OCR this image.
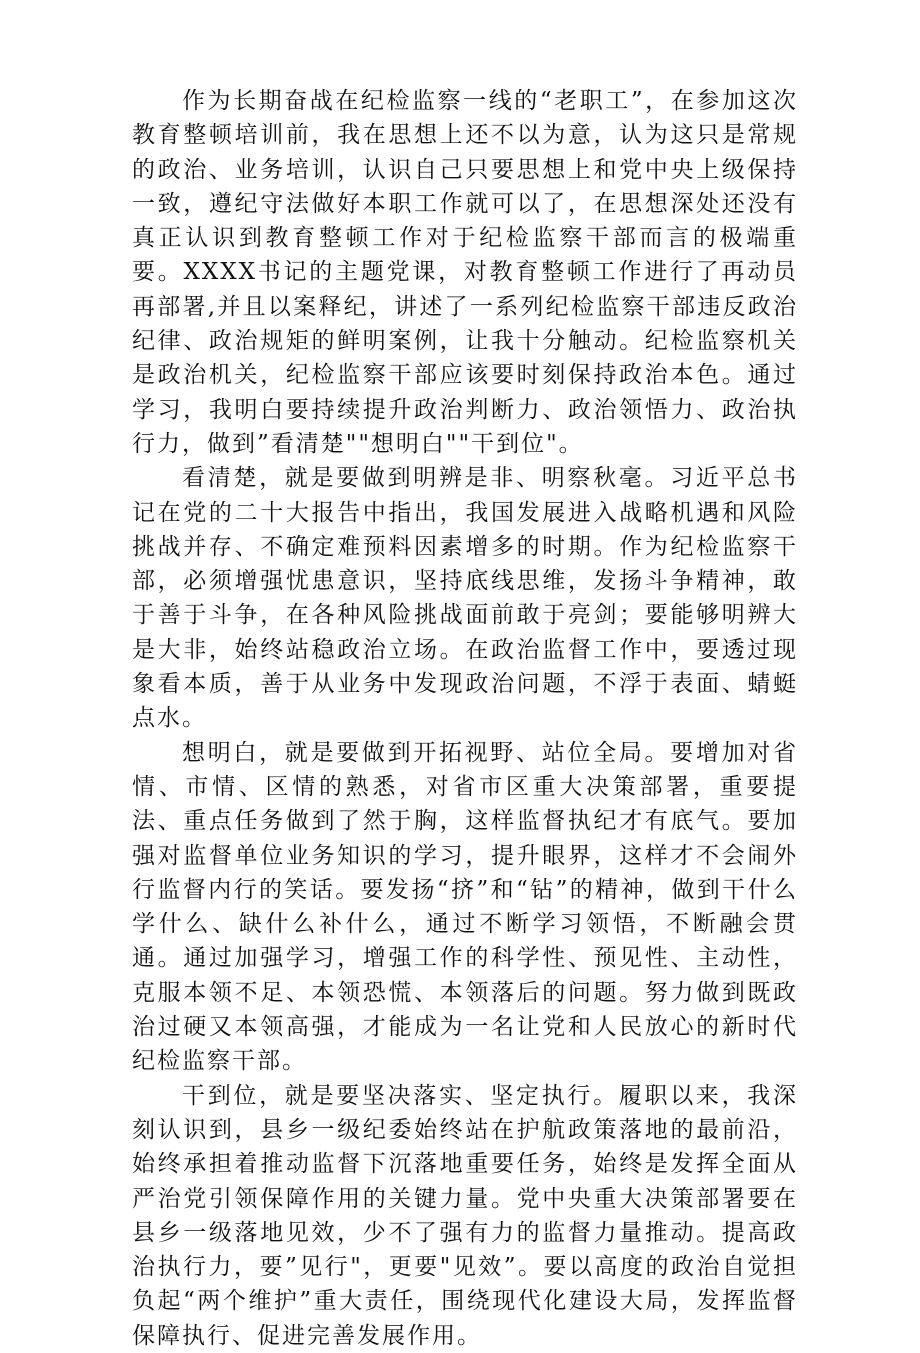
作为长期奋战在纪检监察一线的“老职工”，在参加这次教育整顿培训前，我在思想上还不以为意，认为这只是常规的政治、业务培训，认识自己只要思想上和党中央上级保持一致，遵纪守法做好本职工作就可以了，在思想深处还没有真正认识到教育整顿工作对于纪检监察干部而言的极端重要。XXXX书记的主题党课，对教育整顿工作进行了再动员再部署,并且以案释纪，讲述了一系列纪检监察干部违反政治纪律、政治规矩的鲜明案例，让我十分触动。纪检监察机关是政治机关，纪检监察干部应该要时刻保持政治本色。通过学习，我明白要持续提升政治判断力、政治领悟力、政治执行力，做到”看清楚""想明白""干到位"。

看清楚，就是要做到明辨是非、明察秋毫。习近平总书记在党的二十大报告中指出，我国发展进入战略机遇和风险挑战并存、不确定难预料因素增多的时期。作为纪检监察干部，必须增强忧患意识，坚持底线思维，发扬斗争精神，敢于善于斗争，在各种风险挑战面前敢于亮剑；要能够明辨大是大非，始终站稳政治立场。在政治监督工作中，要透过现象看本质，善于从业务中发现政治问题，不浮于表面、蜻蜓点水。

想明白，就是要做到开拓视野、站位全局。要增加对省情、市情、区情的熟悉，对省市区重大决策部署，重要提法、重点任务做到了然于胸，这样监督执纪才有底气。要加强对监督单位业务知识的学习，提升眼界，这样才不会闹外行监督内行的笑话。要发扬“挤”和“钻”的精神，做到干什么学什么、缺什么补什么，通过不断学习领悟，不断融会贯通。通过加强学习，增强工作的科学性、预见性、主动性，克服本领不足、本领恐慌、本领落后的问题。努力做到既政治过硬又本领高强，才能成为一名让党和人民放心的新时代纪检监察干部。

干到位，就是要坚决落实、坚定执行。履职以来，我深刻认识到，县乡一级纪委始终站在护航政策落地的最前沿，始终承担着推动监督下沉落地重要任务，始终是发挥全面从严治党引领保障作用的关键力量。党中央重大决策部署要在县乡一级落地见效，少不了强有力的监督力量推动。提高政治执行力，要”见行"，更要"见效”。要以高度的政治自觉担负起“两个维护”重大责任，围绕现代化建设大局，发挥监督保障执行、促进完善发展作用。
